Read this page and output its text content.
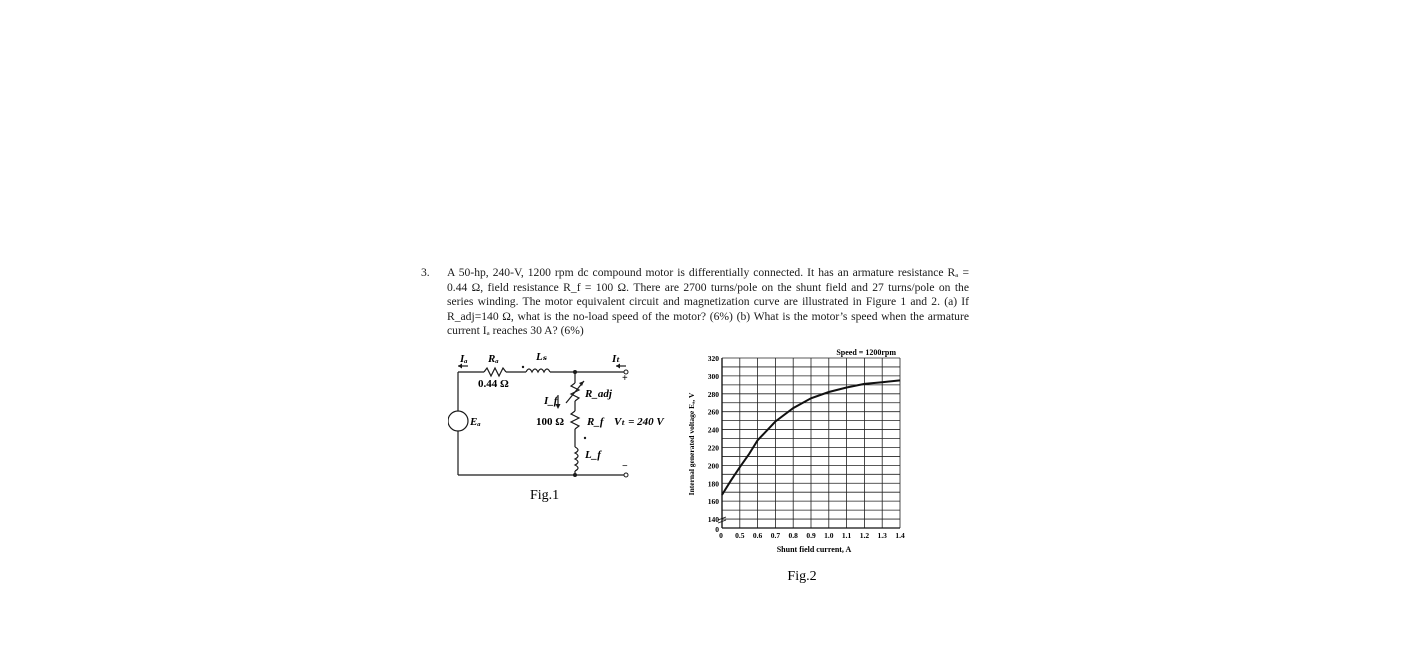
3. A 50-hp, 240-V, 1200 rpm dc compound motor is differentially connected. It has an armature resistance Rₐ = 0.44 Ω, field resistance R_f = 100 Ω. There are 2700 turns/pole on the shunt field and 27 turns/pole on the series winding. The motor equivalent circuit and magnetization curve are illustrated in Figure 1 and 2. (a) If R_adj=140 Ω, what is the no-load speed of the motor? (6%) (b) What is the motor’s speed when the armature current Iₐ reaches 30 A? (6%)
Iₐ Rₐ	Lₛ	Iₜ
R_adj
I_f
R_f Vₜ = 240 V
Eₐ
L_f
0.44 Ω
100 Ω
+
−
Fig.1
0
140
160
180
200
220
240
260
280
300
320
0 0.5 0.6 0.7 0.8 0.9 1.0 1.1 1.2 1.3 1.4
Speed = 1200rpm
Shunt field current, A
Internal generated voltage Eₐ, V
Fig.2
